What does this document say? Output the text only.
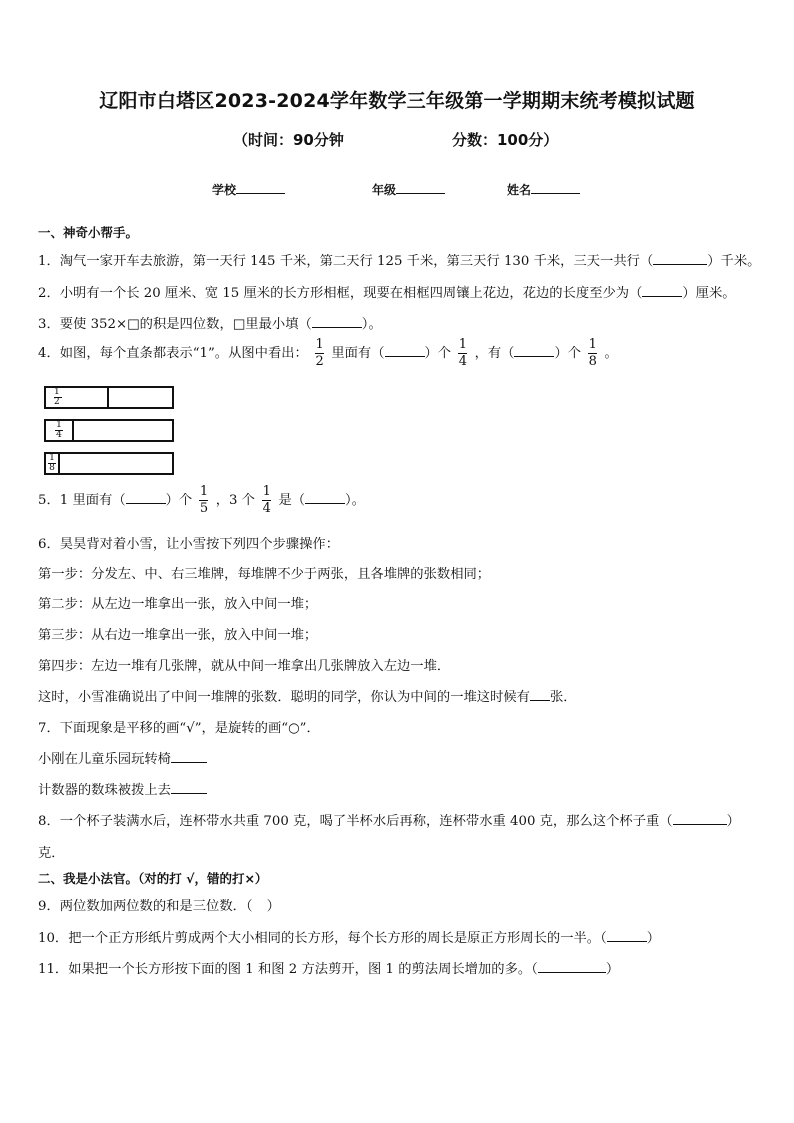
辽阳市白塔区2023-2024学年数学三年级第一学期期末统考模拟试题
（时间：90分钟	分数：100分）
学校	年级	姓名
一、神奇小帮手。
1．淘气一家开车去旅游，第一天行 145 千米，第二天行 125 千米，第三天行 130 千米，三天一共行（	）千米。
2．小明有一个长 20 厘米、宽 15 厘米的长方形相框，现要在相框四周镶上花边，花边的长度至少为（	）厘米。
3．要使 352×□的积是四位数，□里最小填（	）。
4．如图，每个直条都表示“1”。从图中看出： $\frac{1}{2}$ 里面有（	）个 $\frac{1}{4}$ ，有（	）个 $\frac{1}{8}$ 。
1
2
1
4
1
8
5．1 里面有（	）个 $\frac{1}{5}$ ，3 个 $\frac{1}{4}$ 是（	）。
6．昊昊背对着小雪，让小雪按下列四个步骤操作：
第一步：分发左、中、右三堆牌，每堆牌不少于两张，且各堆牌的张数相同；
第二步：从左边一堆拿出一张，放入中间一堆；
第三步：从右边一堆拿出一张，放入中间一堆；
第四步：左边一堆有几张牌，就从中间一堆拿出几张牌放入左边一堆．
这时，小雪准确说出了中间一堆牌的张数．聪明的同学，你认为中间的一堆这时候有 张．
7．下面现象是平移的画“√”，是旋转的画“○”．
小刚在儿童乐园玩转椅
计数器的数珠被拨上去
8．一个杯子装满水后，连杯带水共重 700 克，喝了半杯水后再称，连杯带水重 400 克，那么这个杯子重（	）
克．
二、我是小法官。（对的打 √，错的打×）
9．两位数加两位数的和是三位数．（ ）
10．把一个正方形纸片剪成两个大小相同的长方形，每个长方形的周长是原正方形周长的一半。（	）
11．如果把一个长方形按下面的图 1 和图 2 方法剪开，图 1 的剪法周长增加的多。（	）
